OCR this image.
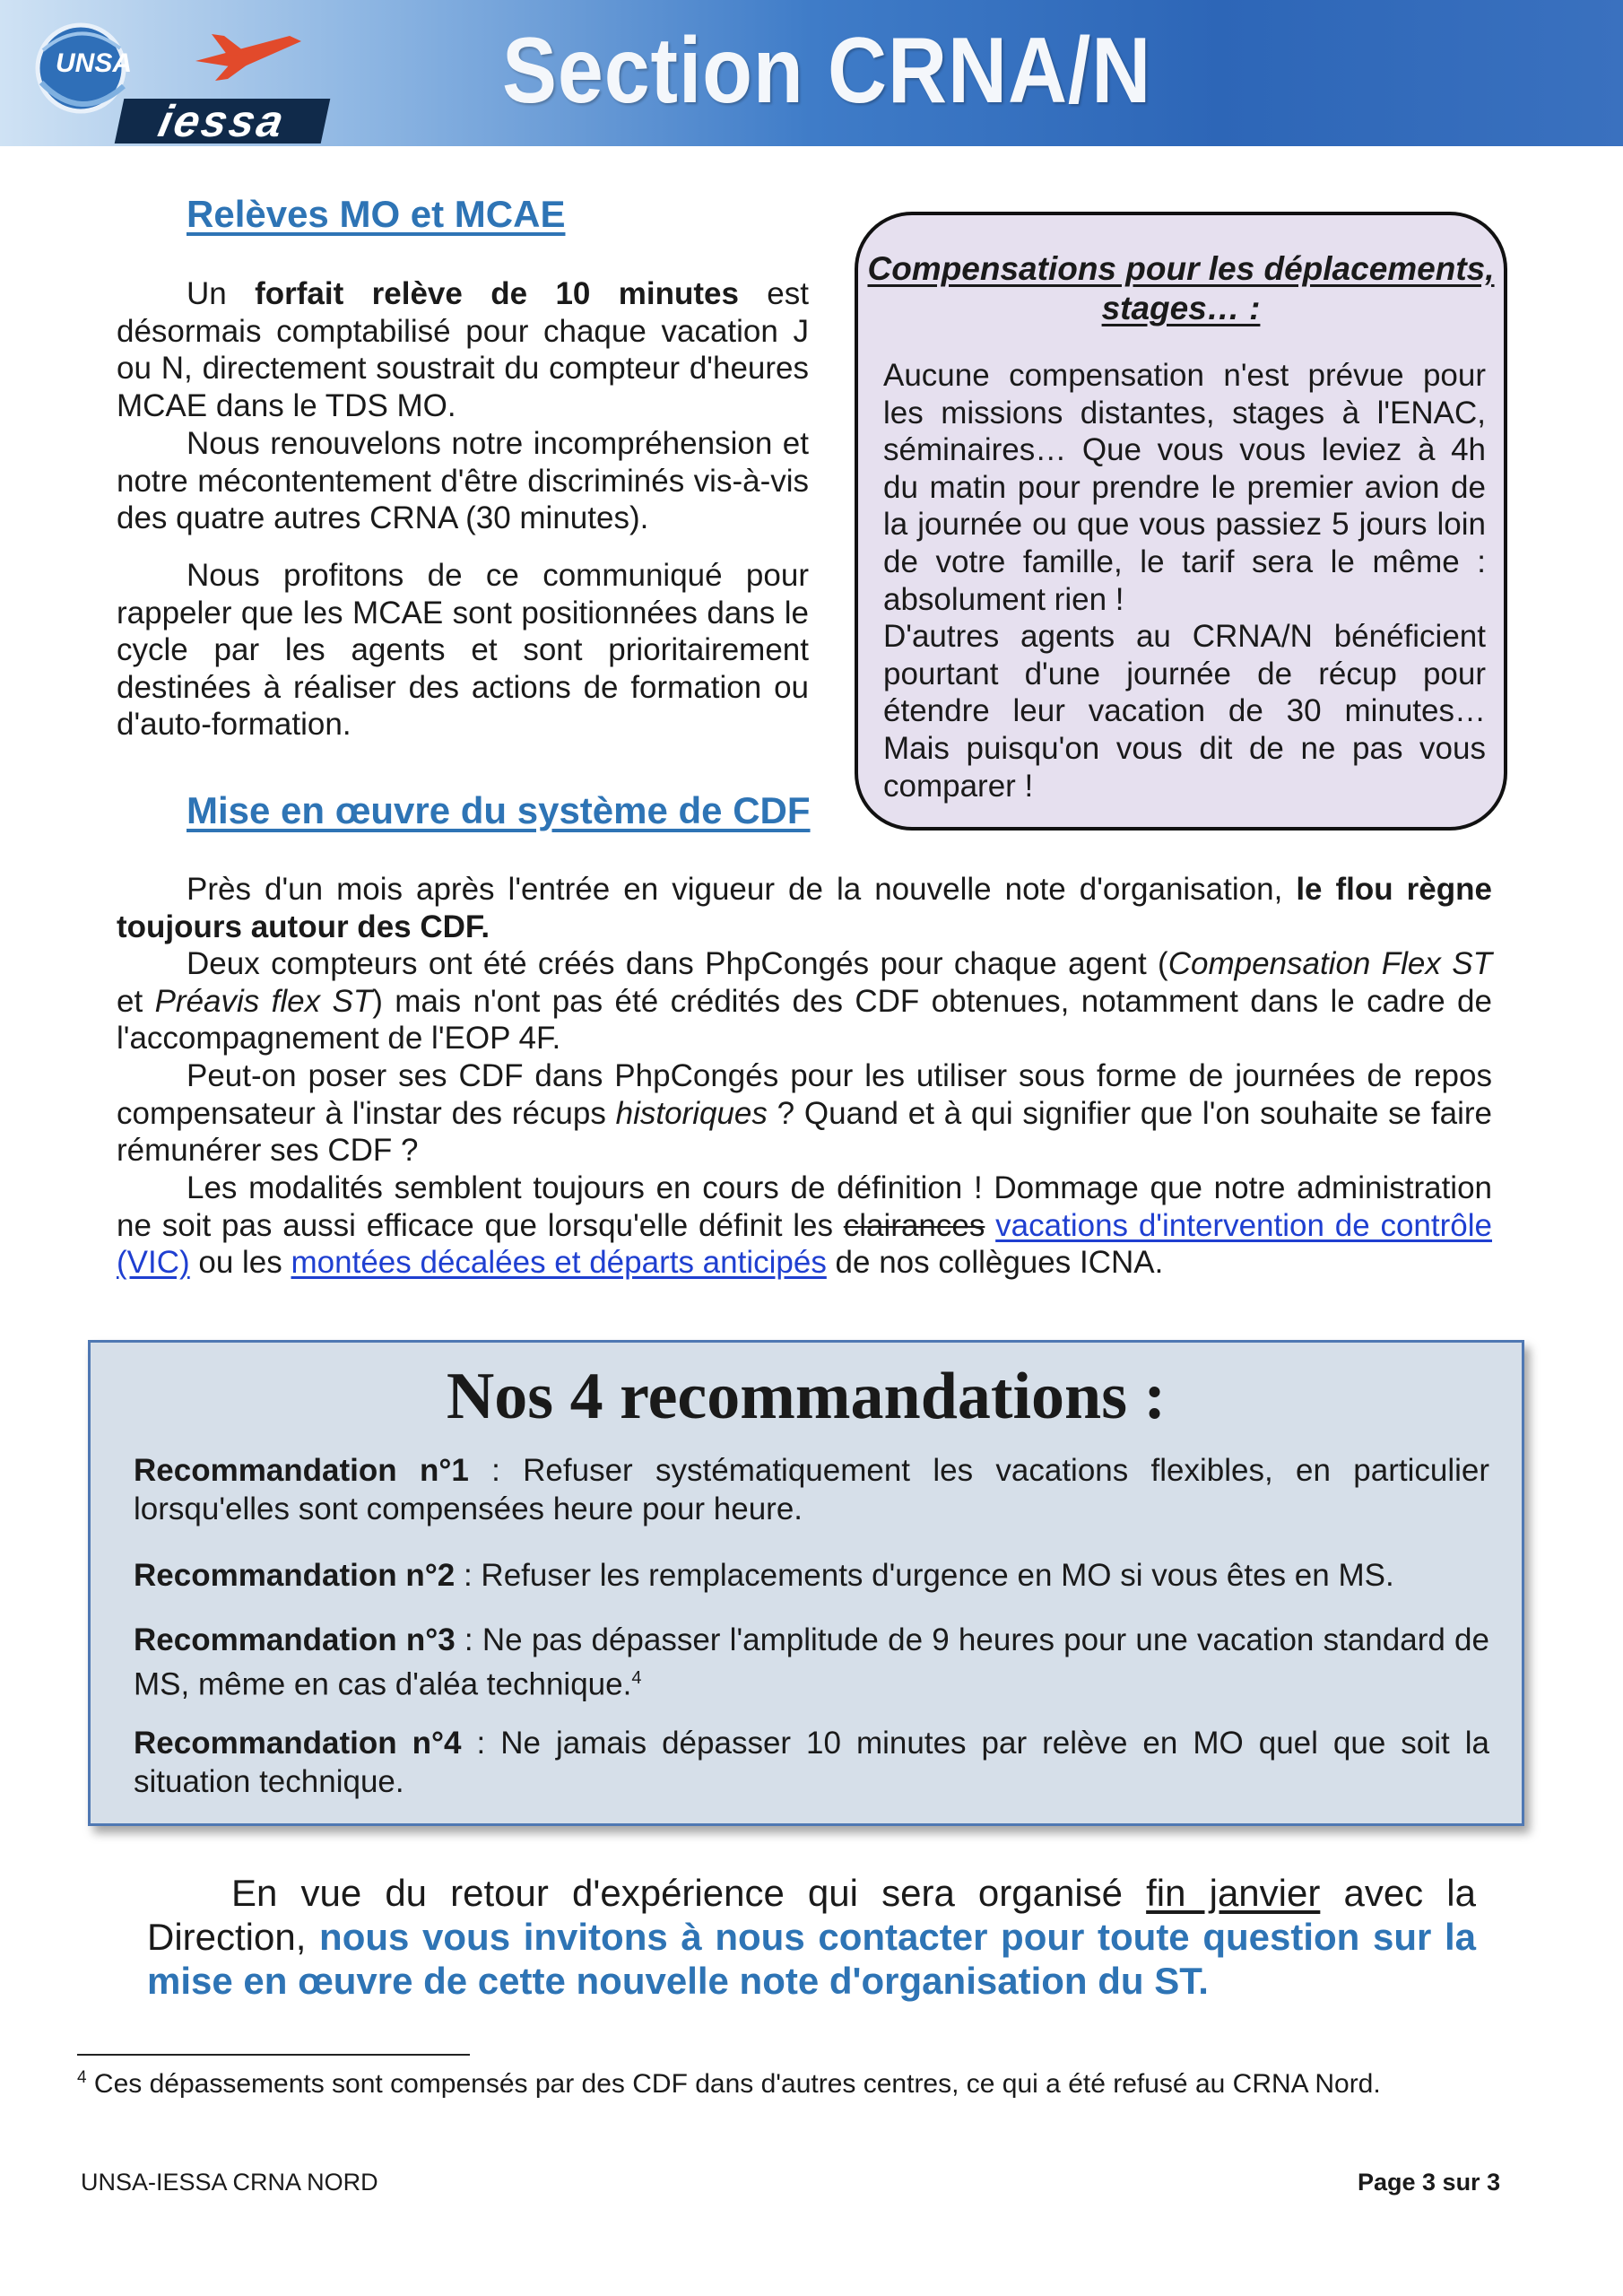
UNSA
iessa	Section CRNA/N
Relèves MO et MCAE

Un forfait relève de 10 minutes est désormais comptabilisé pour chaque vacation J ou N, directement soustrait du compteur d'heures MCAE dans le TDS MO.

Nous renouvelons notre incompréhension et notre mécontentement d'être discriminés vis-à-vis des quatre autres CRNA (30 minutes).

Nous profitons de ce communiqué pour rappeler que les MCAE sont positionnées dans le cycle par les agents et sont prioritairement destinées à réaliser des actions de formation ou d'auto-formation.

Mise en œuvre du système de CDF

Compensations pour les déplacements, stages… :

Aucune compensation n'est prévue pour les missions distantes, stages à l'ENAC, séminaires… Que vous vous leviez à 4h du matin pour prendre le premier avion de la journée ou que vous passiez 5 jours loin de votre famille, le tarif sera le même : absolument rien !
D'autres agents au CRNA/N bénéficient pourtant d'une journée de récup pour étendre leur vacation de 30 minutes… Mais puisqu'on vous dit de ne pas vous comparer !

Près d'un mois après l'entrée en vigueur de la nouvelle note d'organisation, le flou règne toujours autour des CDF.

Deux compteurs ont été créés dans PhpCongés pour chaque agent (Compensation Flex ST et Préavis flex ST) mais n'ont pas été crédités des CDF obtenues, notamment dans le cadre de l'accompagnement de l'EOP 4F.

Peut-on poser ses CDF dans PhpCongés pour les utiliser sous forme de journées de repos compensateur à l'instar des récups historiques ? Quand et à qui signifier que l'on souhaite se faire rémunérer ses CDF ?

Les modalités semblent toujours en cours de définition ! Dommage que notre administration ne soit pas aussi efficace que lorsqu'elle définit les clairances vacations d'intervention de contrôle (VIC) ou les montées décalées et départs anticipés de nos collègues ICNA.

Nos 4 recommandations :

Recommandation n°1 : Refuser systématiquement les vacations flexibles, en particulier lorsqu'elles sont compensées heure pour heure.

Recommandation n°2 : Refuser les remplacements d'urgence en MO si vous êtes en MS.

Recommandation n°3 : Ne pas dépasser l'amplitude de 9 heures pour une vacation standard de MS, même en cas d'aléa technique.$^4$

Recommandation n°4 : Ne jamais dépasser 10 minutes par relève en MO quel que soit la situation technique.

En vue du retour d'expérience qui sera organisé fin janvier avec la Direction, nous vous invitons à nous contacter pour toute question sur la mise en œuvre de cette nouvelle note d'organisation du ST.

$^4$ Ces dépassements sont compensés par des CDF dans d'autres centres, ce qui a été refusé au CRNA Nord.

UNSA-IESSA CRNA NORD	Page 3 sur 3
